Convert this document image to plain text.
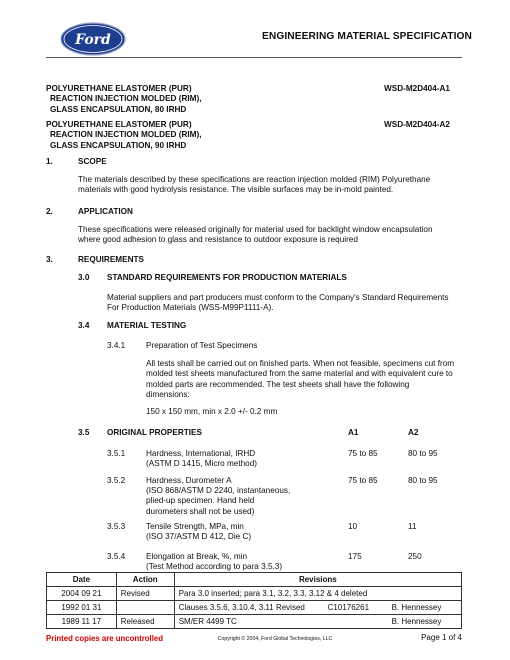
Ford	ENGINEERING MATERIAL SPECIFICATION
POLYURETHANE ELASTOMER (PUR)
REACTION INJECTION MOLDED (RIM),
GLASS ENCAPSULATION, 80 IRHD
WSD-M2D404-A1
POLYURETHANE ELASTOMER (PUR)
REACTION INJECTION MOLDED (RIM),
GLASS ENCAPSULATION, 90 IRHD
WSD-M2D404-A2
1.	SCOPE
The materials described by these specifications are reaction injection molded (RIM) Polyurethane
materials with good hydrolysis resistance. The visible surfaces may be in-mold painted.
2.	APPLICATION
These specifications were released originally for material used for backlight window encapsulation
where good adhesion to glass and resistance to outdoor exposure is required
3.	REQUIREMENTS
3.0 STANDARD REQUIREMENTS FOR PRODUCTION MATERIALS
Material suppliers and part producers must conform to the Company's Standard Requirements
For Production Materials (WSS-M99P1111-A).
3.4 MATERIAL TESTING
3.4.1	Preparation of Test Specimens
All tests shall be carried out on finished parts. When not feasible, specimens cut from
molded test sheets manufactured from the same material and with equivalent cure to
molded parts are recommended. The test sheets shall have the following
dimensions:
150 x 150 mm, min x 2.0 +/- 0.2 mm
3.5 ORIGINAL PROPERTIES	A1	A2
3.5.1	Hardness, International, IRHD
(ASTM D 1415, Micro method)
75 to 85	80 to 95
3.5.2	Hardness, Durometer A
(ISO 868/ASTM D 2240, instantaneous,
plied-up specimen. Hand held
durometers shall not be used)
75 to 85	80 to 95
3.5.3	Tensile Strength, MPa, min
(ISO 37/ASTM D 412, Die C)
10	11
3.5.4	Elongation at Break, %, min
(Test Method according to para 3.5.3)
175	250
Date	Action	Revisions		
2004 09 21	Revised	Para 3.0 inserted; para 3.1, 3.2, 3.3, 3.12 & 4 deleted		
1992 01 31		Clauses 3.5.6, 3.10.4, 3.11 Revised	C10176261	B. Hennessey
1989 11 17	Released	SM/ER 4499 TC		B. Hennessey
Printed copies are uncontrolled	Copyright © 2004, Ford Global Technologies, LLC	Page 1 of 4
